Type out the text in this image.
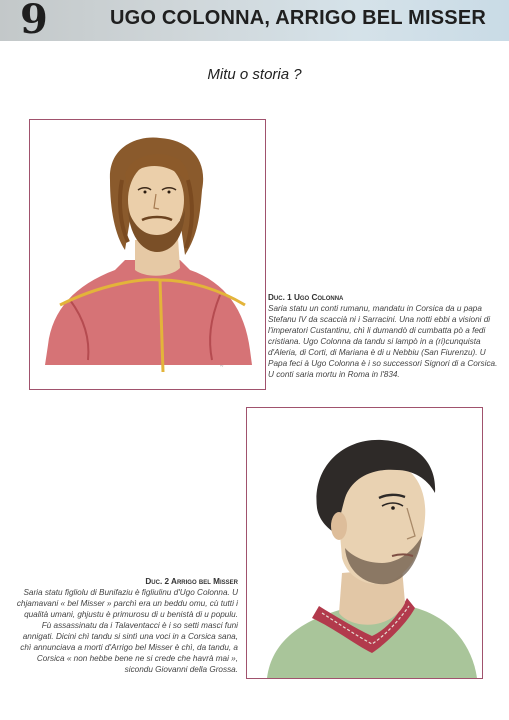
9	UGO COLONNA, ARRIGO BEL MISSER
Mitu o storia ?
~
Duc. 1 Ugo Colonna
Saria statu un conti rumanu, mandatu in Corsica da u papa Stefanu IV da scaccià ni i Sarracini. Una notti ebbi a visioni di l'imperatori Custantinu, chì li dumandò di cumbatta pò a fedi cristiana. Ugo Colonna da tandu si lampò in a (ri)cunquista d'Aleria, di Corti, di Mariana è di u Nebbiu (San Fiurenzu). U Papa feci à Ugo Colonna è i so successori Signori di a Corsica. U conti saria mortu in Roma in l'834.
Duc. 2 Arrigo bel Misser
Saria statu figliolu di Bunifaziu è figliulinu d'Ugo Colonna. U chjamavani « bel Misser » parchì era un beddu omu, cù tutti i qualità umani, ghjustu è primurosu di u benistà di u populu. Fù assassinatu da i Talaventacci è i so setti masci funi annigati. Dicini chì tandu si sintì una voci in a Corsica sana, chì annunciava a morti d'Arrigo bel Misser è chì, da tandu, a Corsica « non hebbe bene ne si crede che havrà mai », sicondu Giovanni della Grossa.
